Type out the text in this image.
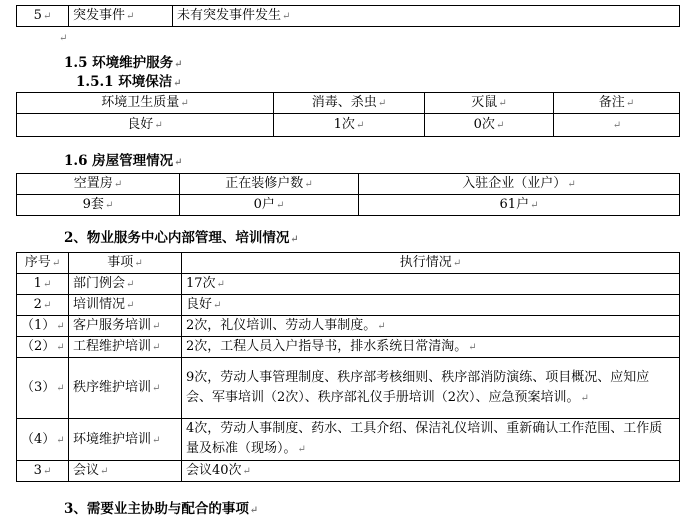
5↵	突发事件↵	未有突发事件发生↵
↵
1.5 环境维护服务↵
1.5.1 环境保洁↵
环境卫生质量↵	消毒、杀虫↵	灭鼠↵	备注↵
良好↵	1次↵	0次↵	↵
1.6 房屋管理情况↵
空置房↵	正在装修户数↵	入驻企业（业户）↵
9套↵	0户↵	61户↵
2、物业服务中心内部管理、培训情况↵
序号↵	事项↵	执行情况↵
1↵	部门例会↵	17次↵
2↵	培训情况↵	良好↵
（1）↵	客户服务培训↵	2次，礼仪培训、劳动人事制度。↵
（2）↵	工程维护培训↵	2次，工程人员入户指导书，排水系统日常清淘。↵
（3）↵	秩序维护培训↵	9次，劳动人事管理制度、秩序部考核细则、秩序部消防演练、项目概况、应知应会、军事培训（2次）、秩序部礼仪手册培训（2次）、应急预案培训。↵
（4）↵	环境维护培训↵	4次，劳动人事制度、药水、工具介绍、保洁礼仪培训、重新确认工作范围、工作质量及标准（现场）。↵
3↵	会议↵	会议40次↵
3、需要业主协助与配合的事项↵
